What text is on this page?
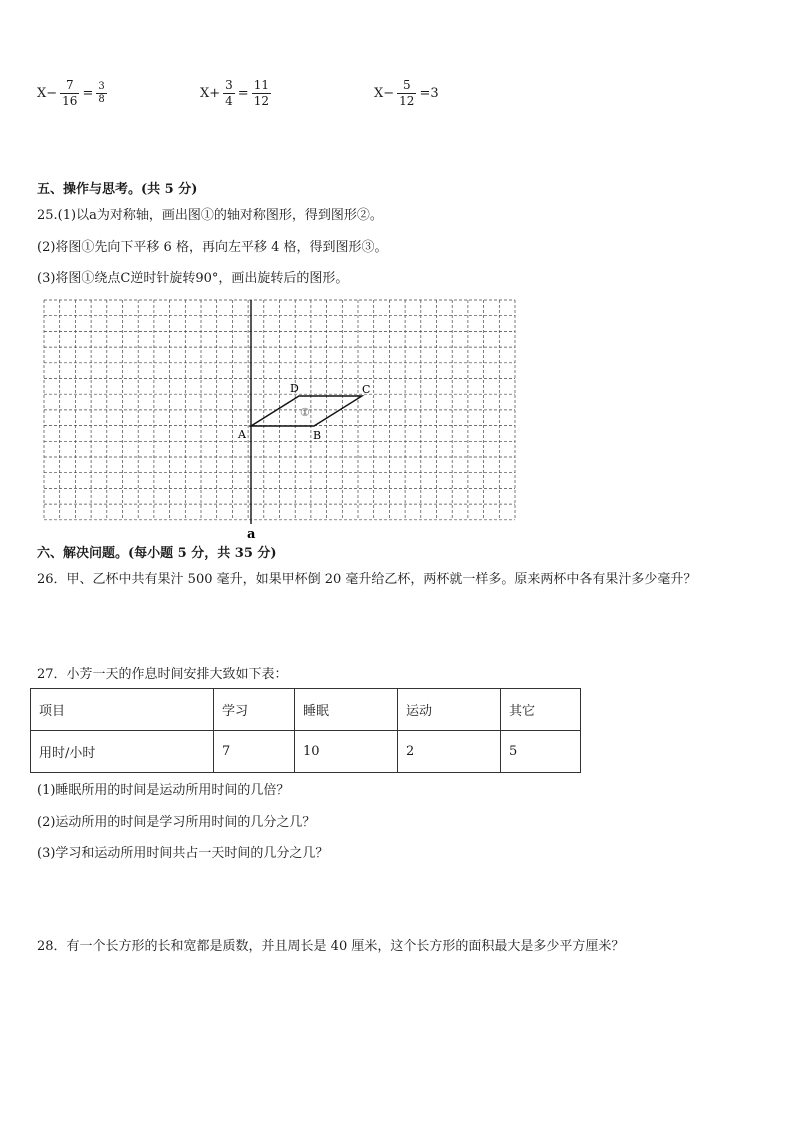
$X- \frac{7}{16} = \frac{3}{8}$	$X+ \frac{3}{4} = \frac{11}{12}$	$X- \frac{5}{12} = 3$
五、操作与思考。(共 5 分)
25.(1)以a为对称轴，画出图①的轴对称图形，得到图形②。
(2)将图①先向下平移 6 格，再向左平移 4 格，得到图形③。
(3)将图①绕点C逆时针旋转90°，画出旋转后的图形。
A	B
C
D
①
a
六、解决问题。(每小题 5 分，共 35 分)
26．甲、乙杯中共有果汁 500 毫升，如果甲杯倒 20 毫升给乙杯，两杯就一样多。原来两杯中各有果汁多少毫升？
27．小芳一天的作息时间安排大致如下表：
项目	学习	睡眠	运动	其它
用时/小时	7	10	2	5
(1)睡眠所用的时间是运动所用时间的几倍？
(2)运动所用的时间是学习所用时间的几分之几？
(3)学习和运动所用时间共占一天时间的几分之几？
28．有一个长方形的长和宽都是质数，并且周长是 40 厘米，这个长方形的面积最大是多少平方厘米？
